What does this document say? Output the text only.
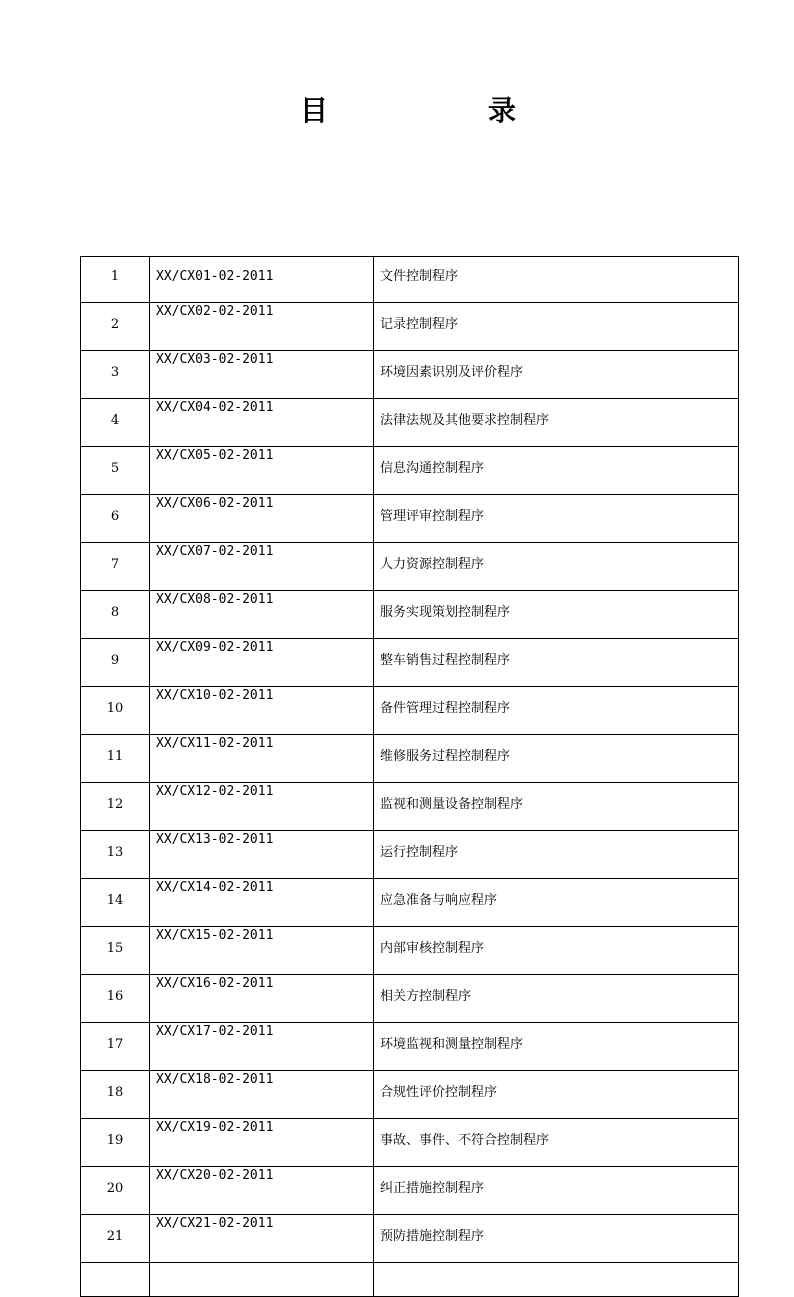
目	录
1	XX/CX01-02-2011	文件控制程序
2	XX/CX02-02-2011	记录控制程序
3	XX/CX03-02-2011	环境因素识别及评价程序
4	XX/CX04-02-2011	法律法规及其他要求控制程序
5	XX/CX05-02-2011	信息沟通控制程序
6	XX/CX06-02-2011	管理评审控制程序
7	XX/CX07-02-2011	人力资源控制程序
8	XX/CX08-02-2011	服务实现策划控制程序
9	XX/CX09-02-2011	整车销售过程控制程序
10	XX/CX10-02-2011	备件管理过程控制程序
11	XX/CX11-02-2011	维修服务过程控制程序
12	XX/CX12-02-2011	监视和测量设备控制程序
13	XX/CX13-02-2011	运行控制程序
14	XX/CX14-02-2011	应急准备与响应程序
15	XX/CX15-02-2011	内部审核控制程序
16	XX/CX16-02-2011	相关方控制程序
17	XX/CX17-02-2011	环境监视和测量控制程序
18	XX/CX18-02-2011	合规性评价控制程序
19	XX/CX19-02-2011	事故、事件、不符合控制程序
20	XX/CX20-02-2011	纠正措施控制程序
21	XX/CX21-02-2011	预防措施控制程序
